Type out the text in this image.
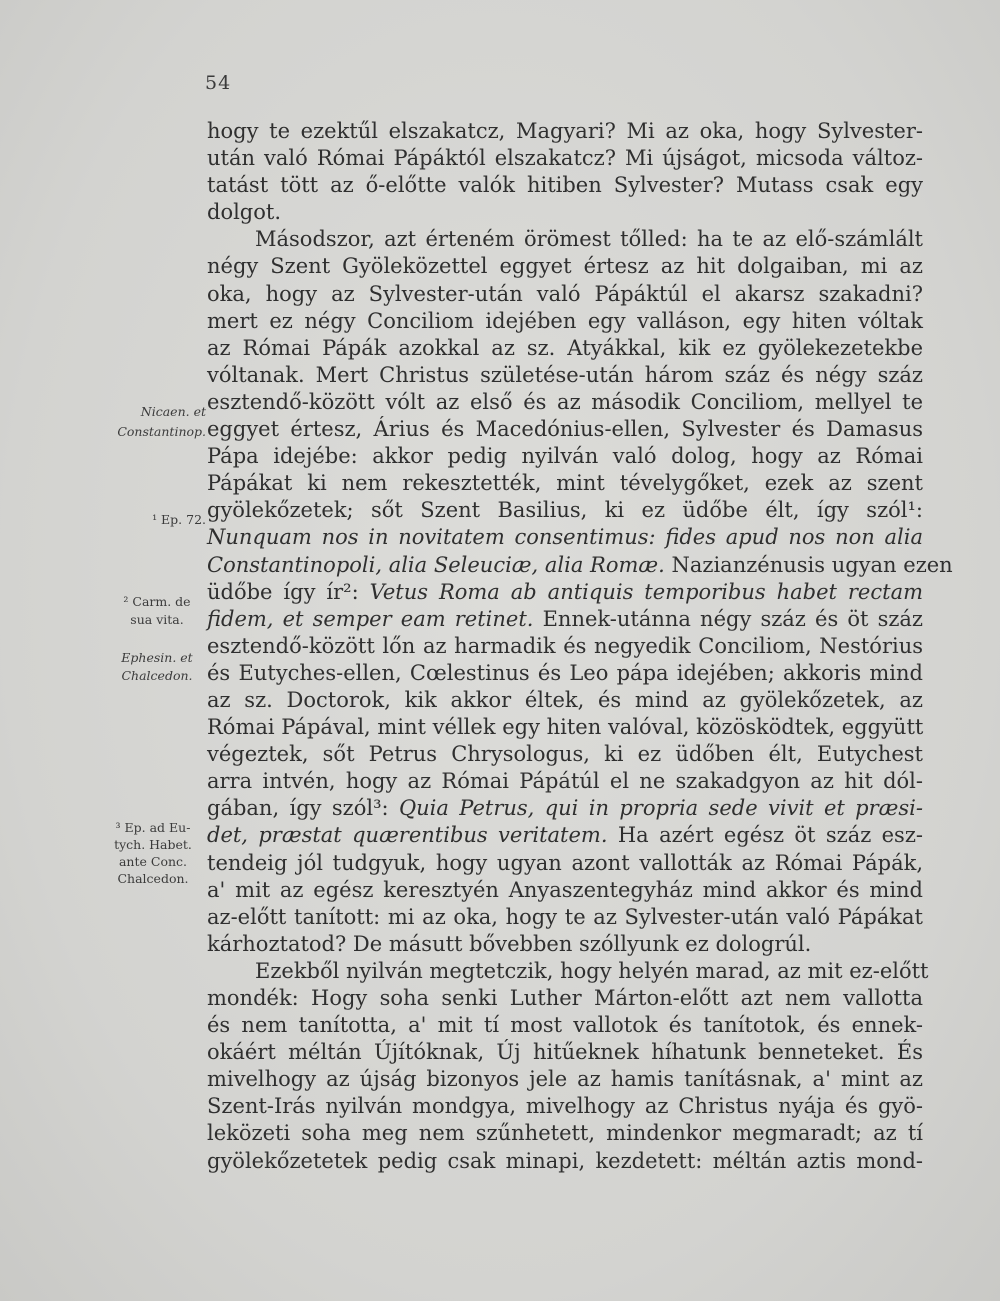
54
hogy te ezektűl elszakatcz, Magyari? Mi az oka, hogy Sylvester-
után való Római Pápáktól elszakatcz? Mi újságot, micsoda változ-
tatást tött az ő-előtte valók hitiben Sylvester? Mutass csak egy
dolgot.
Másodszor, azt érteném örömest tőlled: ha te az elő-számlált
négy Szent Gyöleközettel eggyet értesz az hit dolgaiban, mi az
oka, hogy az Sylvester-után való Pápáktúl el akarsz szakadni?
mert ez négy Conciliom idejében egy valláson, egy hiten vóltak
az Római Pápák azokkal az sz. Atyákkal, kik ez gyölekezetekbe
vóltanak. Mert Christus születése-után három száz és négy száz
esztendő-között vólt az első és az második Conciliom, mellyel te
eggyet értesz, Árius és Macedónius-ellen, Sylvester és Damasus
Pápa idejébe: akkor pedig nyilván való dolog, hogy az Római
Pápákat ki nem rekesztették, mint tévelygőket, ezek az szent
gyölekőzetek; sőt Szent Basilius, ki ez üdőbe élt, így szól¹:
Nunquam nos in novitatem consentimus: fides apud nos non alia
Constantinopoli, alia Seleuciæ, alia Romæ. Nazianzénusis ugyan ezen
üdőbe így ír²: Vetus Roma ab antiquis temporibus habet rectam
fidem, et semper eam retinet. Ennek-utánna négy száz és öt száz
esztendő-között lőn az harmadik és negyedik Conciliom, Nestórius
és Eutyches-ellen, Cœlestinus és Leo pápa idejében; akkoris mind
az sz. Doctorok, kik akkor éltek, és mind az gyölekőzetek, az
Római Pápával, mint véllek egy hiten valóval, közösködtek, eggyütt
végeztek, sőt Petrus Chrysologus, ki ez üdőben élt, Eutychest
arra intvén, hogy az Római Pápátúl el ne szakadgyon az hit dól-
gában, így szól³: Quia Petrus, qui in propria sede vivit et præsi-
det, præstat quærentibus veritatem. Ha azért egész öt száz esz-
tendeig jól tudgyuk, hogy ugyan azont vallották az Római Pápák,
a' mit az egész keresztyén Anyaszentegyház mind akkor és mind
az-előtt tanított: mi az oka, hogy te az Sylvester-után való Pápákat
kárhoztatod? De másutt bővebben szóllyunk ez dologrúl.
Ezekből nyilván megtetczik, hogy helyén marad, az mit ez-előtt
mondék: Hogy soha senki Luther Márton-előtt azt nem vallotta
és nem tanította, a' mit tí most vallotok és tanítotok, és ennek-
okáért méltán Újítóknak, Új hitűeknek híhatunk benneteket. És
mivelhogy az újság bizonyos jele az hamis tanításnak, a' mint az
Szent-Irás nyilván mondgya, mivelhogy az Christus nyája és gyö-
leközeti soha meg nem szűnhetett, mindenkor megmaradt; az tí
gyölekőzetetek pedig csak minapi, kezdetett: méltán aztis mond-
Nicaen. et
Constantinop.
¹ Ep. 72.
² Carm. de
sua vita.
Ephesin. et
Chalcedon.
³ Ep. ad Eu-
tych. Habet.
ante Conc.
Chalcedon.
